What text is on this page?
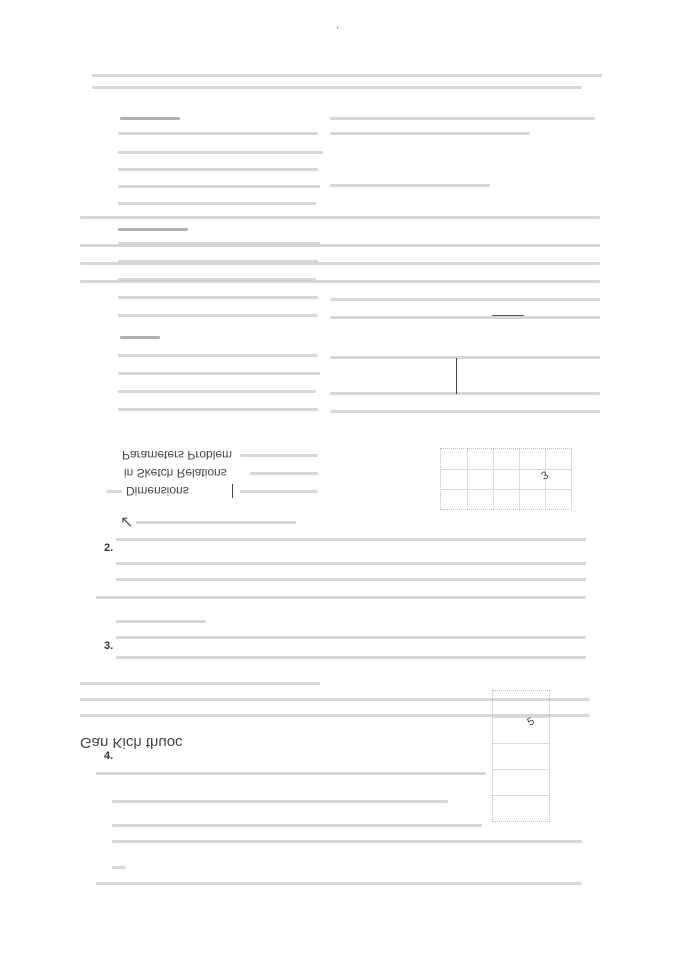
·
3
Parameters Problem
in Sketch Relations
Dimensions
↖
2.
3.
5
Gan Kich thuoc
4.
